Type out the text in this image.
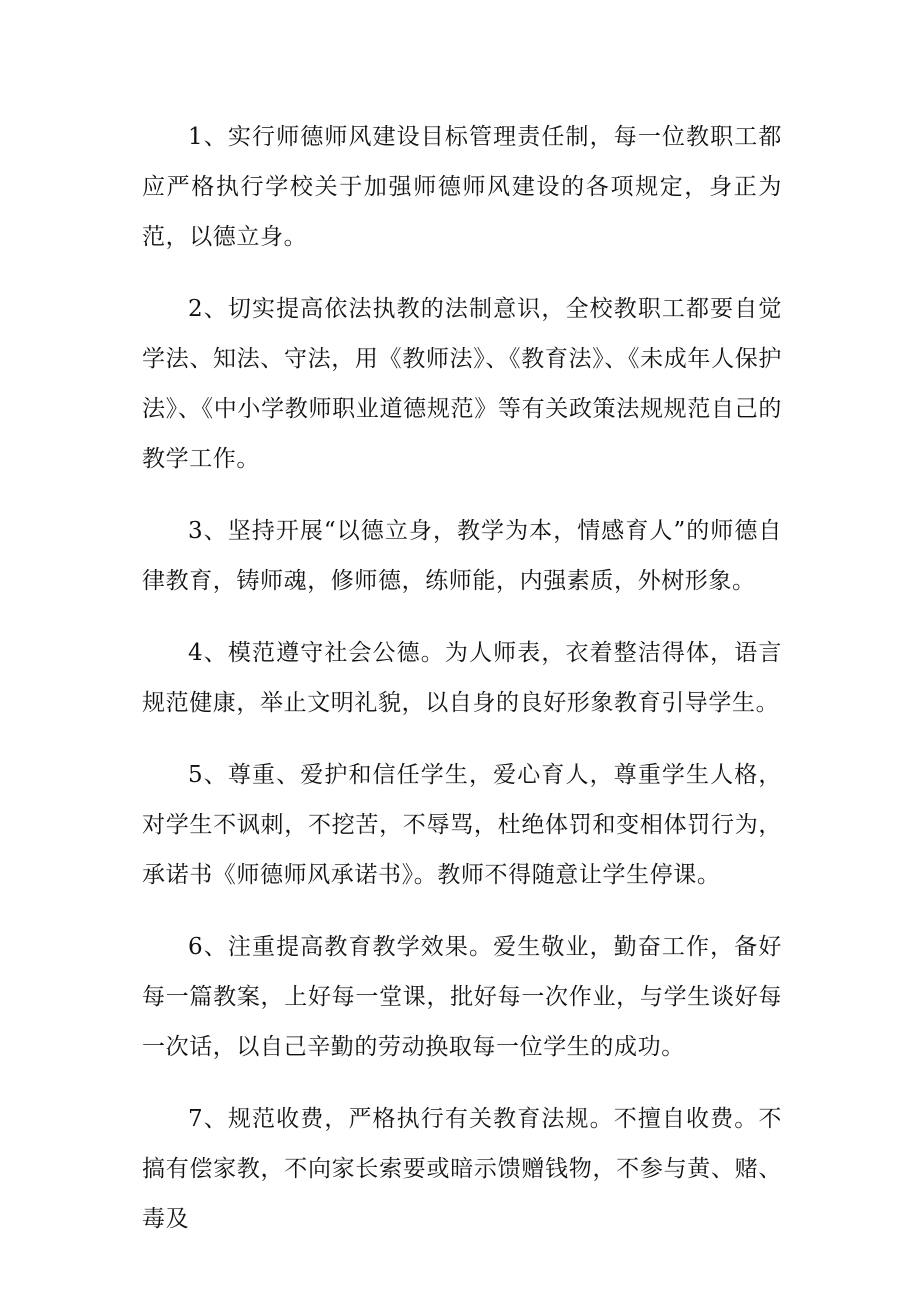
1、实行师德师风建设目标管理责任制，每一位教职工都应严格执行学校关于加强师德师风建设的各项规定，身正为范，以德立身。

2、切实提高依法执教的法制意识，全校教职工都要自觉学法、知法、守法，用《教师法》、《教育法》、《未成年人保护法》、《中小学教师职业道德规范》等有关政策法规规范自己的教学工作。

3、坚持开展“以德立身，教学为本，情感育人”的师德自律教育，铸师魂，修师德，练师能，内强素质，外树形象。

4、模范遵守社会公德。为人师表，衣着整洁得体，语言规范健康，举止文明礼貌，以自身的良好形象教育引导学生。

5、尊重、爱护和信任学生，爱心育人，尊重学生人格，对学生不讽刺，不挖苦，不辱骂，杜绝体罚和变相体罚行为，承诺书《师德师风承诺书》。教师不得随意让学生停课。

6、注重提高教育教学效果。爱生敬业，勤奋工作，备好每一篇教案，上好每一堂课，批好每一次作业，与学生谈好每一次话，以自己辛勤的劳动换取每一位学生的成功。

7、规范收费，严格执行有关教育法规。不擅自收费。不搞有偿家教，不向家长索要或暗示馈赠钱物，不参与黄、赌、毒及
